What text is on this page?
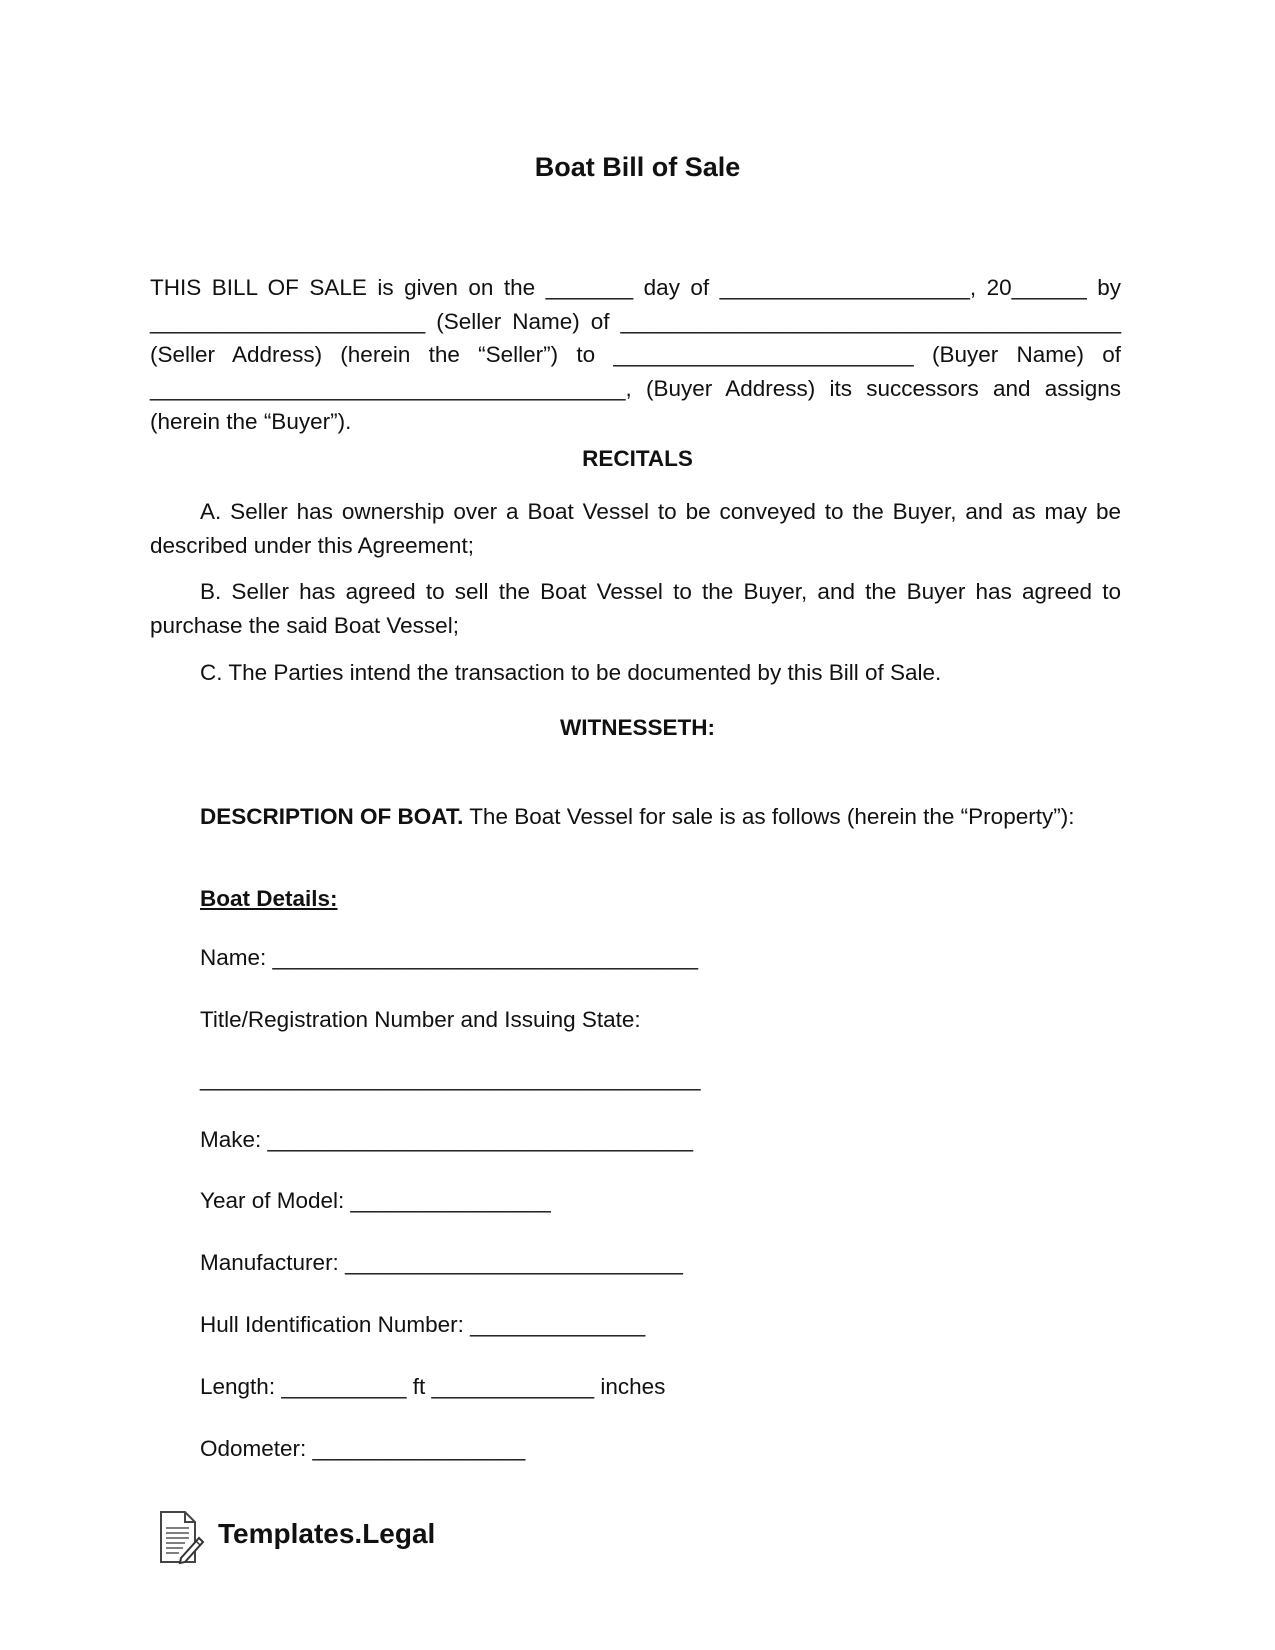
Boat Bill of Sale

THIS BILL OF SALE is given on the _______ day of ____________________, 20______ by ______________________ (Seller Name) of ________________________________________ (Seller Address) (herein the “Seller”) to ________________________ (Buyer Name) of ______________________________________, (Buyer Address) its successors and assigns (herein the “Buyer”).

RECITALS

A. Seller has ownership over a Boat Vessel to be conveyed to the Buyer, and as may be described under this Agreement;

B. Seller has agreed to sell the Boat Vessel to the Buyer, and the Buyer has agreed to purchase the said Boat Vessel;

C. The Parties intend the transaction to be documented by this Bill of Sale.

WITNESSETH:

DESCRIPTION OF BOAT. The Boat Vessel for sale is as follows (herein the “Property”):

Boat Details:
Name: __________________________________
Title/Registration Number and Issuing State:
________________________________________
Make: __________________________________
Year of Model: ________________
Manufacturer: ___________________________
Hull Identification Number: ______________
Length: __________ ft _____________ inches
Odometer: _________________
Templates.Legal
